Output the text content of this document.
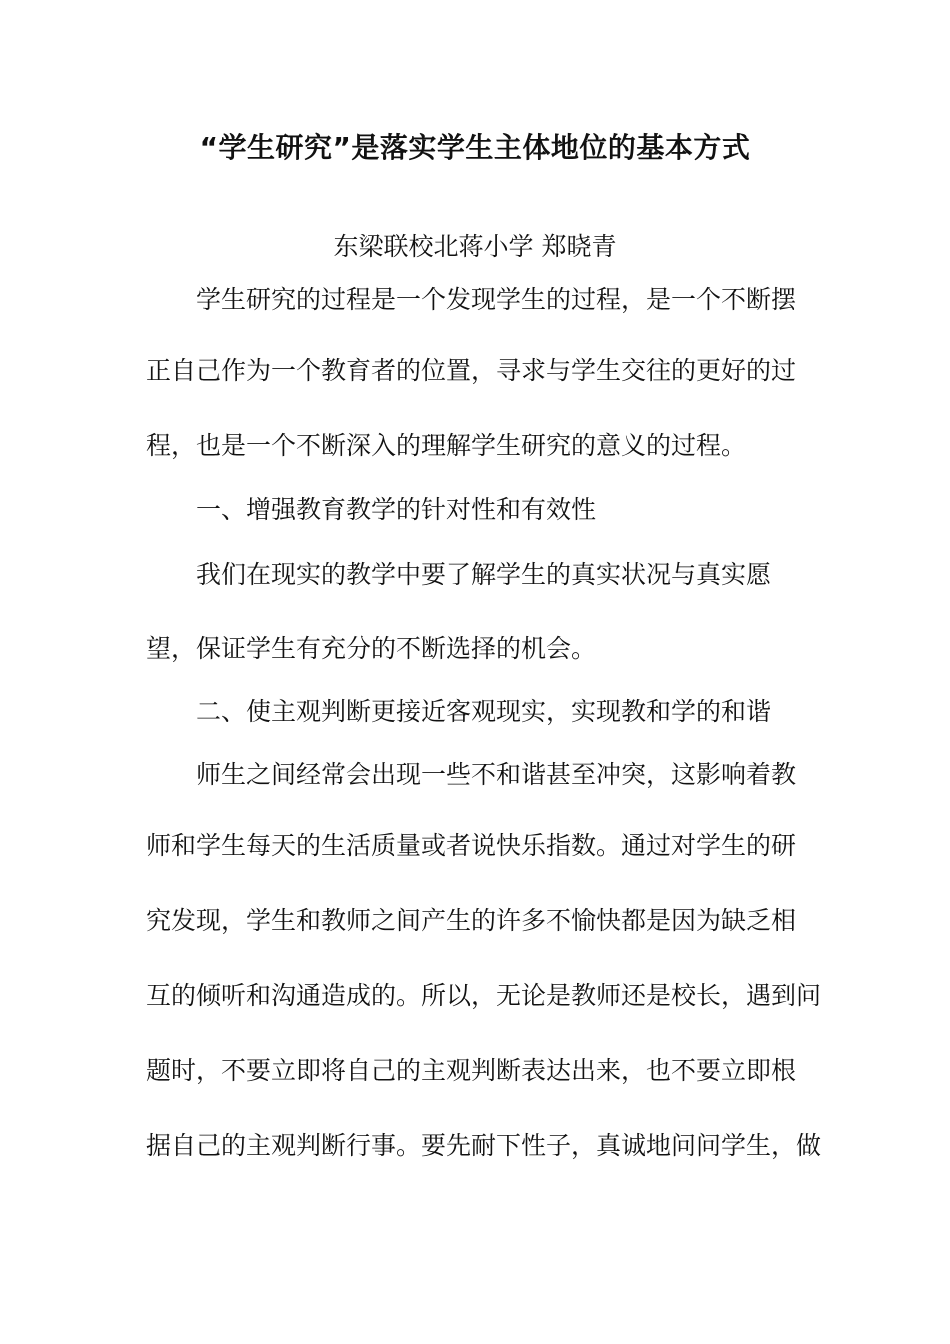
“学生研究”是落实学生主体地位的基本方式
东梁联校北蒋小学 郑晓青
学生研究的过程是一个发现学生的过程，是一个不断摆
正自己作为一个教育者的位置，寻求与学生交往的更好的过
程，也是一个不断深入的理解学生研究的意义的过程。
一、增强教育教学的针对性和有效性
我们在现实的教学中要了解学生的真实状况与真实愿
望，保证学生有充分的不断选择的机会。
二、使主观判断更接近客观现实，实现教和学的和谐
师生之间经常会出现一些不和谐甚至冲突，这影响着教
师和学生每天的生活质量或者说快乐指数。通过对学生的研
究发现，学生和教师之间产生的许多不愉快都是因为缺乏相
互的倾听和沟通造成的。所以，无论是教师还是校长，遇到问
题时，不要立即将自己的主观判断表达出来，也不要立即根
据自己的主观判断行事。要先耐下性子，真诚地问问学生，做
